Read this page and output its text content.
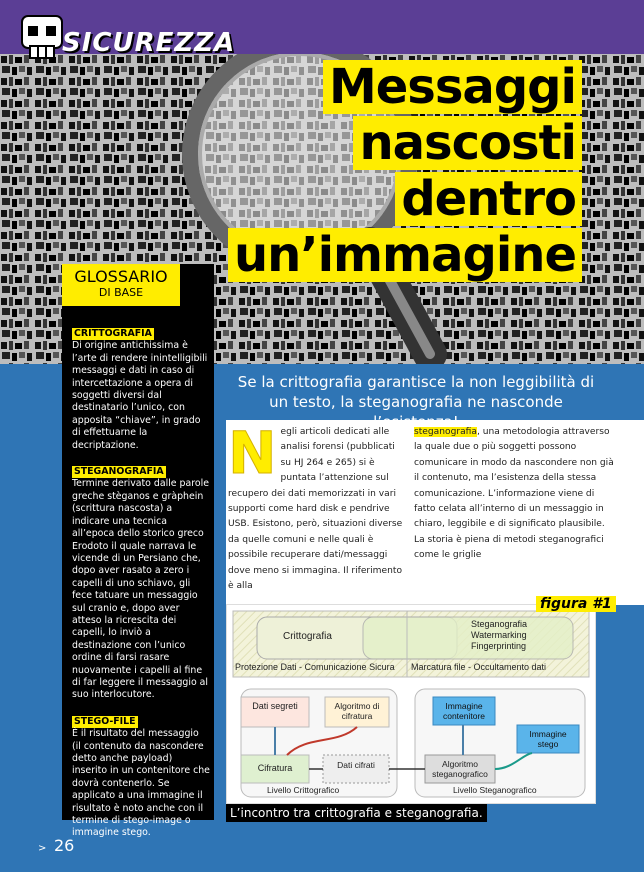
SICUREZZA
Messaggi
nascosti
dentro
un’immagine
GLOSSARIO
DI BASE
CRITTOGRAFIA
Di origine antichissima è l’arte di rendere inintelligibili messaggi e dati in caso di intercettazione a opera di soggetti diversi dal destinatario l’unico, con apposita “chiave”, in grado di effettuarne la decriptazione.
STEGANOGRAFIA
Termine derivato dalle parole greche stèganos e gràphein (scrittura nascosta) a indicare una tecnica all’epoca dello storico greco Erodoto il quale narrava le vicende di un Persiano che, dopo aver rasato a zero i capelli di uno schiavo, gli fece tatuare un messaggio sul cranio e, dopo aver atteso la ricrescita dei capelli, lo inviò a destinazione con l’unico ordine di farsi rasare nuovamente i capelli al fine di far leggere il messaggio al suo interlocutore.
STEGO-FILE
È il risultato del messaggio (il contenuto da nascondere detto anche payload) inserito in un contenitore che dovrà contenerlo. Se applicato a una immagine il risultato è noto anche con il termine di stego-image o immagine stego.
Se la crittografia garantisce la non leggibilità di un testo, la steganografia ne nasconde
Negli articoli dedicati alle analisi forensi (pubblicati su HJ 264 e 265) si è puntata l’attenzione sul recupero dei dati memorizzati in vari supporti come hard disk e pendrive USB. Esistono, però, situazioni diverse da quelle comuni e nelle quali è possibile recuperare dati/messaggi dove meno si immagina. Il riferimento è alla
steganografia, una metodologia attraverso la quale due o più soggetti possono comunicare in modo da nascondere non già il contenuto, ma l’esistenza della stessa comunicazione. L’informazione viene di fatto celata all’interno di un messaggio in chiaro, leggibile e di significato plausibile. La storia è piena di metodi steganografici come le griglie
Crittografia
Steganografia
Watermarking
Fingerprinting
Protezione Dati - Comunicazione Sicura Marcatura file - Occultamento dati
Dati segreti	Algoritmo di cifratura
Cifratura	Dati cifrati
Livello Crittografico
Immagine contenitore
Immagine stego
Algoritmo steganografico
Livello Steganografico
figura #1
L’incontro tra crittografia e steganografia.
> 26
